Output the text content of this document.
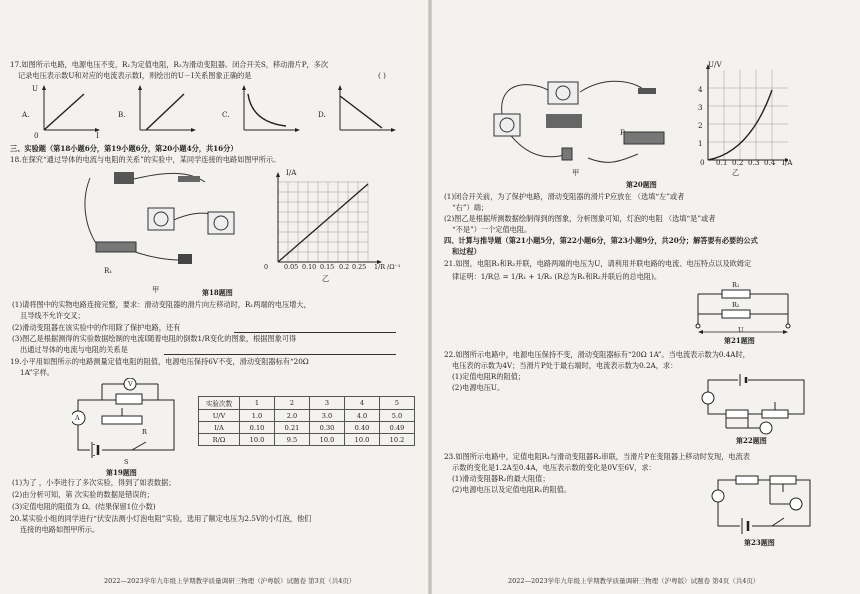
17.如图所示电路，电源电压不变，R₁为定值电阻，R₂为滑动变阻器。闭合开关S，移动滑片P，多次
记录电压表示数U和对应的电流表示数I，则绘出的U－I关系图象正确的是	( )
A.	B.	C.	D.
U
0	I
三、实验题（第18小题6分，第19小题6分，第20小题4分，共16分）
18.在探究“通过导体的电流与电阻的关系”的实验中，某同学连接的电路如图甲所示。
R₁
甲
I/A
0 0.05 0.10 0.15 0.2 0.25 1/R /Ω⁻¹
乙
第18题图
(1)请将图中的实物电路连接完整，要求：滑动变阻器的滑片向左移动时，R₁两端的电压增大，
且导线不允许交叉；
(2)滑动变阻器在该实验中的作用除了保护电路，还有
(3)图乙是根据测得的实验数据绘制的电流I随着电阻的倒数1/R变化的图象，根据图象可得
出通过导体的电流与电阻的关系是
19.小平用如图所示的电路测量定值电阻的阻值，电源电压保持6V不变，滑动变阻器标有“20Ω
1A”字样。
A
V
R
S
第19题图
实验次数	1	2	3	4	5
U/V	1.0	2.0	3.0	4.0	5.0
I/A	0.10	0.21	0.30	0.40	0.49
R/Ω	10.0	9.5	10.0	10.0	10.2
(1)为了 ，小李进行了多次实验，得到了如表数据；
(2)由分析可知，第 次实验的数据是错误的；
(3)定值电阻的阻值为 Ω。(结果保留1位小数)
20.某实验小组的同学进行“伏安法测小灯泡电阻”实验，选用了额定电压为2.5V的小灯泡，他们
连接的电路如图甲所示。
2022—2023学年九年级上学期教学质量调研三物理（沪粤版）试题卷 第3页（共4页）
P
甲
U/V
4
3
2
1
0 0.1 0.2 0.3 0.4 I/A
乙
第20题图
(1)闭合开关前，为了保护电路，滑动变阻器的滑片P应放在 （选填“左”或者
“右”）端；
(2)图乙是根据所测数据绘制得到的图象，分析图象可知，灯泡的电阻 （选填“是”或者
“不是”）一个定值电阻。
四、计算与推导题（第21小题5分，第22小题6分，第23小题9分，共20分；解答要有必要的公式
和过程）
21.如图，电阻R₁和R₂并联，电路两端的电压为U，请利用并联电路的电流、电压特点以及欧姆定
律证明：1/R总 = 1/R₁ + 1/R₂ (R总为R₁和R₂并联后的总电阻)。
R₁
R₂
U
第21题图
22.如图所示电路中，电源电压保持不变，滑动变阻器标有“20Ω 1A”。当电流表示数为0.4A时，
电压表的示数为4V；当滑片P处于最右端时，电流表示数为0.2A，求：
(1)定值电阻R的阻值；
(2)电源电压U。
第22题图
23.如图所示电路中，定值电阻R₁与滑动变阻器R₂串联，当滑片P在变阻器上移动时发现，电流表
示数的变化是1.2A至0.4A，电压表示数的变化是0V至6V，求：
(1)滑动变阻器R₂的最大阻值；
(2)电源电压以及定值电阻R₁的阻值。
第23题图
2022—2023学年九年级上学期教学质量调研三物理（沪粤版）试题卷 第4页（共4页）
